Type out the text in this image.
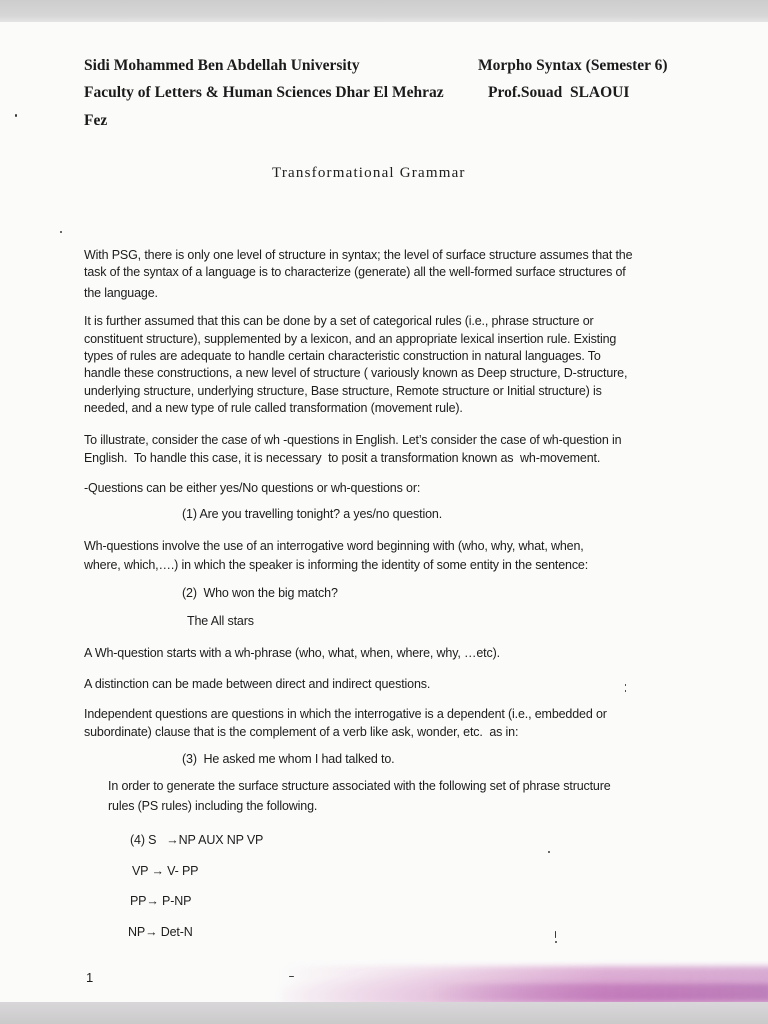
Sidi Mohammed Ben Abdellah University
Faculty of Letters & Human Sciences Dhar El Mehraz
Fez
Morpho Syntax (Semester 6)
Prof.Souad  SLAOUI
Transformational Grammar
With PSG, there is only one level of structure in syntax; the level of surface structure assumes that the
task of the syntax of a language is to characterize (generate) all the well-formed surface structures of
the language.
It is further assumed that this can be done by a set of categorical rules (i.e., phrase structure or
constituent structure), supplemented by a lexicon, and an appropriate lexical insertion rule. Existing
types of rules are adequate to handle certain characteristic construction in natural languages. To
handle these constructions, a new level of structure ( variously known as Deep structure, D-structure,
underlying structure, underlying structure, Base structure, Remote structure or Initial structure) is
needed, and a new type of rule called transformation (movement rule).
To illustrate, consider the case of wh -questions in English. Let’s consider the case of wh-question in
English.  To handle this case, it is necessary  to posit a transformation known as  wh-movement.
-Questions can be either yes/No questions or wh-questions or:
(1) Are you travelling tonight? a yes/no question.
Wh-questions involve the use of an interrogative word beginning with (who, why, what, when,
where, which,….) in which the speaker is informing the identity of some entity in the sentence:
(2)  Who won the big match?
The All stars
A Wh-question starts with a wh-phrase (who, what, when, where, why, …etc).
A distinction can be made between direct and indirect questions.
Independent questions are questions in which the interrogative is a dependent (i.e., embedded or
subordinate) clause that is the complement of a verb like ask, wonder, etc.  as in:
(3)  He asked me whom I had talked to.
In order to generate the surface structure associated with the following set of phrase structure
rules (PS rules) including the following.
(4) S   →NP AUX NP VP
VP → V- PP
PP→ P-NP
NP→ Det-N
1
